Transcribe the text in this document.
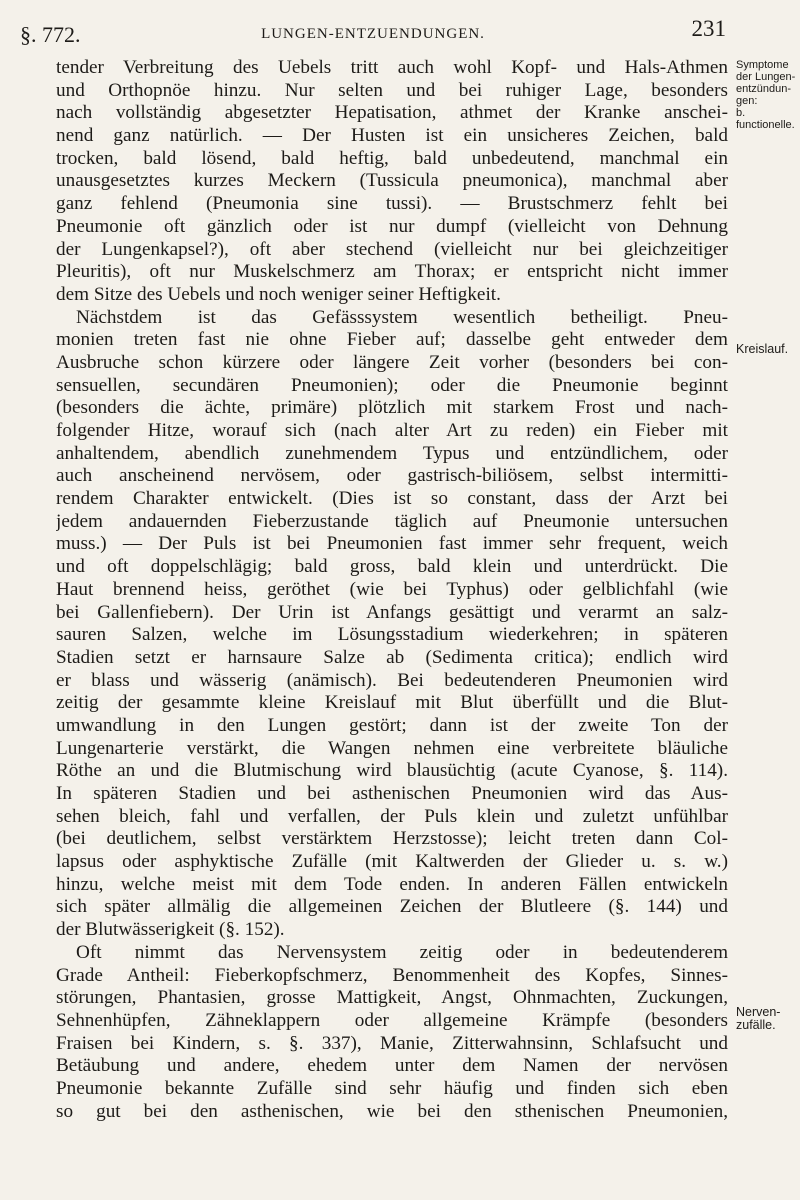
§. 772.	LUNGEN-ENTZUENDUNGEN.	231
tender Verbreitung des Uebels tritt auch wohl Kopf- und Hals-Athmen
und Orthopnöe hinzu. Nur selten und bei ruhiger Lage, besonders
nach vollständig abgesetzter Hepatisation, athmet der Kranke anschei-
nend ganz natürlich. — Der Husten ist ein unsicheres Zeichen, bald
trocken, bald lösend, bald heftig, bald unbedeutend, manchmal ein
unausgesetztes kurzes Meckern (Tussicula pneumonica), manchmal aber
ganz fehlend (Pneumonia sine tussi). — Brustschmerz fehlt bei
Pneumonie oft gänzlich oder ist nur dumpf (vielleicht von Dehnung
der Lungenkapsel?), oft aber stechend (vielleicht nur bei gleichzeitiger
Pleuritis), oft nur Muskelschmerz am Thorax; er entspricht nicht immer
dem Sitze des Uebels und noch weniger seiner Heftigkeit.
Nächstdem ist das Gefässsystem wesentlich betheiligt. Pneu-
monien treten fast nie ohne Fieber auf; dasselbe geht entweder dem
Ausbruche schon kürzere oder längere Zeit vorher (besonders bei con-
sensuellen, secundären Pneumonien); oder die Pneumonie beginnt
(besonders die ächte, primäre) plötzlich mit starkem Frost und nach-
folgender Hitze, worauf sich (nach alter Art zu reden) ein Fieber mit
anhaltendem, abendlich zunehmendem Typus und entzündlichem, oder
auch anscheinend nervösem, oder gastrisch-biliösem, selbst intermitti-
rendem Charakter entwickelt. (Dies ist so constant, dass der Arzt bei
jedem andauernden Fieberzustande täglich auf Pneumonie untersuchen
muss.) — Der Puls ist bei Pneumonien fast immer sehr frequent, weich
und oft doppelschlägig; bald gross, bald klein und unterdrückt. Die
Haut brennend heiss, geröthet (wie bei Typhus) oder gelblichfahl (wie
bei Gallenfiebern). Der Urin ist Anfangs gesättigt und verarmt an salz-
sauren Salzen, welche im Lösungsstadium wiederkehren; in späteren
Stadien setzt er harnsaure Salze ab (Sedimenta critica); endlich wird
er blass und wässerig (anämisch). Bei bedeutenderen Pneumonien wird
zeitig der gesammte kleine Kreislauf mit Blut überfüllt und die Blut-
umwandlung in den Lungen gestört; dann ist der zweite Ton der
Lungenarterie verstärkt, die Wangen nehmen eine verbreitete bläuliche
Röthe an und die Blutmischung wird blausüchtig (acute Cyanose, §. 114).
In späteren Stadien und bei asthenischen Pneumonien wird das Aus-
sehen bleich, fahl und verfallen, der Puls klein und zuletzt unfühlbar
(bei deutlichem, selbst verstärktem Herzstosse); leicht treten dann Col-
lapsus oder asphyktische Zufälle (mit Kaltwerden der Glieder u. s. w.)
hinzu, welche meist mit dem Tode enden. In anderen Fällen entwickeln
sich später allmälig die allgemeinen Zeichen der Blutleere (§. 144) und
der Blutwässerigkeit (§. 152).
Oft nimmt das Nervensystem zeitig oder in bedeutenderem
Grade Antheil: Fieberkopfschmerz, Benommenheit des Kopfes, Sinnes-
störungen, Phantasien, grosse Mattigkeit, Angst, Ohnmachten, Zuckungen,
Sehnenhüpfen, Zähneklappern oder allgemeine Krämpfe (besonders
Fraisen bei Kindern, s. §. 337), Manie, Zitterwahnsinn, Schlafsucht und
Betäubung und andere, ehedem unter dem Namen der nervösen
Pneumonie bekannte Zufälle sind sehr häufig und finden sich eben
so gut bei den asthenischen, wie bei den sthenischen Pneumonien,
Symptome
der Lungen-
entzündun-
gen:
b.
functionelle.
Kreislauf.
Nerven-
zufälle.
